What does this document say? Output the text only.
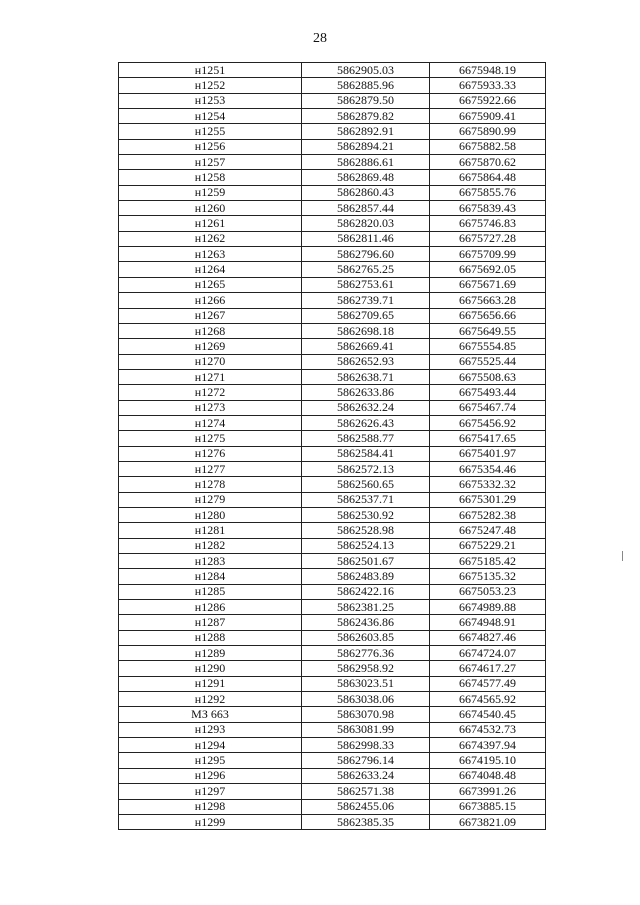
28
н1251	5862905.03	6675948.19
н1252	5862885.96	6675933.33
н1253	5862879.50	6675922.66
н1254	5862879.82	6675909.41
н1255	5862892.91	6675890.99
н1256	5862894.21	6675882.58
н1257	5862886.61	6675870.62
н1258	5862869.48	6675864.48
н1259	5862860.43	6675855.76
н1260	5862857.44	6675839.43
н1261	5862820.03	6675746.83
н1262	5862811.46	6675727.28
н1263	5862796.60	6675709.99
н1264	5862765.25	6675692.05
н1265	5862753.61	6675671.69
н1266	5862739.71	6675663.28
н1267	5862709.65	6675656.66
н1268	5862698.18	6675649.55
н1269	5862669.41	6675554.85
н1270	5862652.93	6675525.44
н1271	5862638.71	6675508.63
н1272	5862633.86	6675493.44
н1273	5862632.24	6675467.74
н1274	5862626.43	6675456.92
н1275	5862588.77	6675417.65
н1276	5862584.41	6675401.97
н1277	5862572.13	6675354.46
н1278	5862560.65	6675332.32
н1279	5862537.71	6675301.29
н1280	5862530.92	6675282.38
н1281	5862528.98	6675247.48
н1282	5862524.13	6675229.21
н1283	5862501.67	6675185.42
н1284	5862483.89	6675135.32
н1285	5862422.16	6675053.23
н1286	5862381.25	6674989.88
н1287	5862436.86	6674948.91
н1288	5862603.85	6674827.46
н1289	5862776.36	6674724.07
н1290	5862958.92	6674617.27
н1291	5863023.51	6674577.49
н1292	5863038.06	6674565.92
МЗ 663	5863070.98	6674540.45
н1293	5863081.99	6674532.73
н1294	5862998.33	6674397.94
н1295	5862796.14	6674195.10
н1296	5862633.24	6674048.48
н1297	5862571.38	6673991.26
н1298	5862455.06	6673885.15
н1299	5862385.35	6673821.09
